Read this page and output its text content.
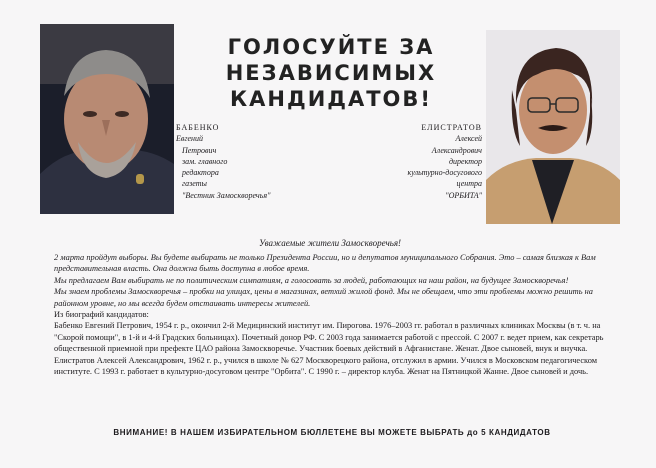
ГОЛОСУЙТЕ ЗА
НЕЗАВИСИМЫХ
КАНДИДАТОВ!
БАБЕНКО
Евгений
Петрович
зам. главного
редактора
газеты
"Вестник Замоскворечья"
ЕЛИСТРАТОВ
Алексей
Александрович
директор
культурно-досугового
центра
"ОРБИТА"
Уважаемые жители Замоскворечья!

2 марта пройдут выборы. Вы будете выбирать не только Президента России, но и депутатов муниципального Собрания. Это – самая близкая к Вам представительная власть. Она должна быть доступна в любое время.

Мы предлагаем Вам выбирать не по политическим симпатиям, а голосовать за людей, работающих на наш район, на будущее Замоскворечья!

Мы знаем проблемы Замоскворечья – пробки на улицах, цены в магазинах, ветхий жилой фонд. Мы не обещаем, что эти проблемы можно решить на районном уровне, но мы всегда будем отстаивать интересы жителей.

Из биографий кандидатов:

Бабенко Евгений Петрович, 1954 г. р., окончил 2-й Медицинский институт им. Пирогова. 1976–2003 гг. работал в различных клиниках Москвы (в т. ч. на "Скорой помощи", в 1-й и 4-й Градских больницах). Почетный донор РФ. С 2003 года занимается работой с прессой. С 2007 г. ведет прием, как секретарь общественной приемной при префекте ЦАО района Замоскворечье. Участник боевых действий в Афганистане. Женат. Двое сыновей, внук и внучка.

Елистратов Алексей Александрович, 1962 г. р., учился в школе № 627 Москворецкого района, отслужил в армии. Учился в Московском педагогическом институте. С 1993 г. работает в культурно-досуговом центре "Орбита". С 1990 г. – директор клуба. Женат на Пятницкой Жанне. Двое сыновей и дочь.

ВНИМАНИЕ! В НАШЕМ ИЗБИРАТЕЛЬНОМ БЮЛЛЕТЕНЕ ВЫ МОЖЕТЕ ВЫБРАТЬ до 5 КАНДИДАТОВ
